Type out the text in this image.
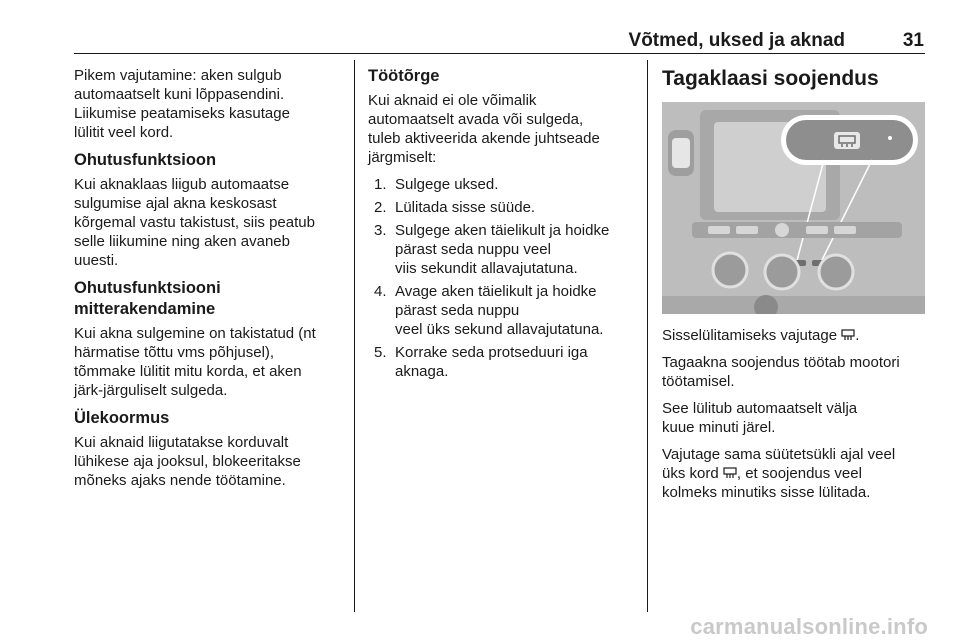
Võtmed, uksed ja aknad	31

Pikem vajutamine: aken sulgub
automaatselt kuni lõppasendini.
Liikumise peatamiseks kasutage
lülitit veel kord.

Ohutusfunktsioon

Kui aknaklaas liigub automaatse
sulgumise ajal akna keskosast
kõrgemal vastu takistust, siis peatub
selle liikumine ning aken avaneb
uuesti.

Ohutusfunktsiooni
mitterakendamine

Kui akna sulgemine on takistatud (nt
härmatise tõttu vms põhjusel),
tõmmake lülitit mitu korda, et aken
järk-järguliselt sulgeda.

Ülekoormus

Kui aknaid liigutatakse korduvalt
lühikese aja jooksul, blokeeritakse
mõneks ajaks nende töötamine.

Töötõrge

Kui aknaid ei ole võimalik
automaatselt avada või sulgeda,
tuleb aktiveerida akende juhtseade
järgmiselt:

1. Sulgege uksed.
2. Lülitada sisse süüde.
3. Sulgege aken täielikult ja hoidke
pärast seda nuppu veel
viis sekundit allavajutatuna.
4. Avage aken täielikult ja hoidke
pärast seda nuppu
veel üks sekund allavajutatuna.
5. Korrake seda protseduuri iga
aknaga.
Tagaklaasi soojendus

Sisselülitamiseks vajutage .

Tagaakna soojendus töötab mootori
töötamisel.

See lülitub automaatselt välja
kuue minuti järel.

Vajutage sama süütetsükli ajal veel
üks kord , et soojendus veel
kolmeks minutiks sisse lülitada.

carmanualsonline.info
